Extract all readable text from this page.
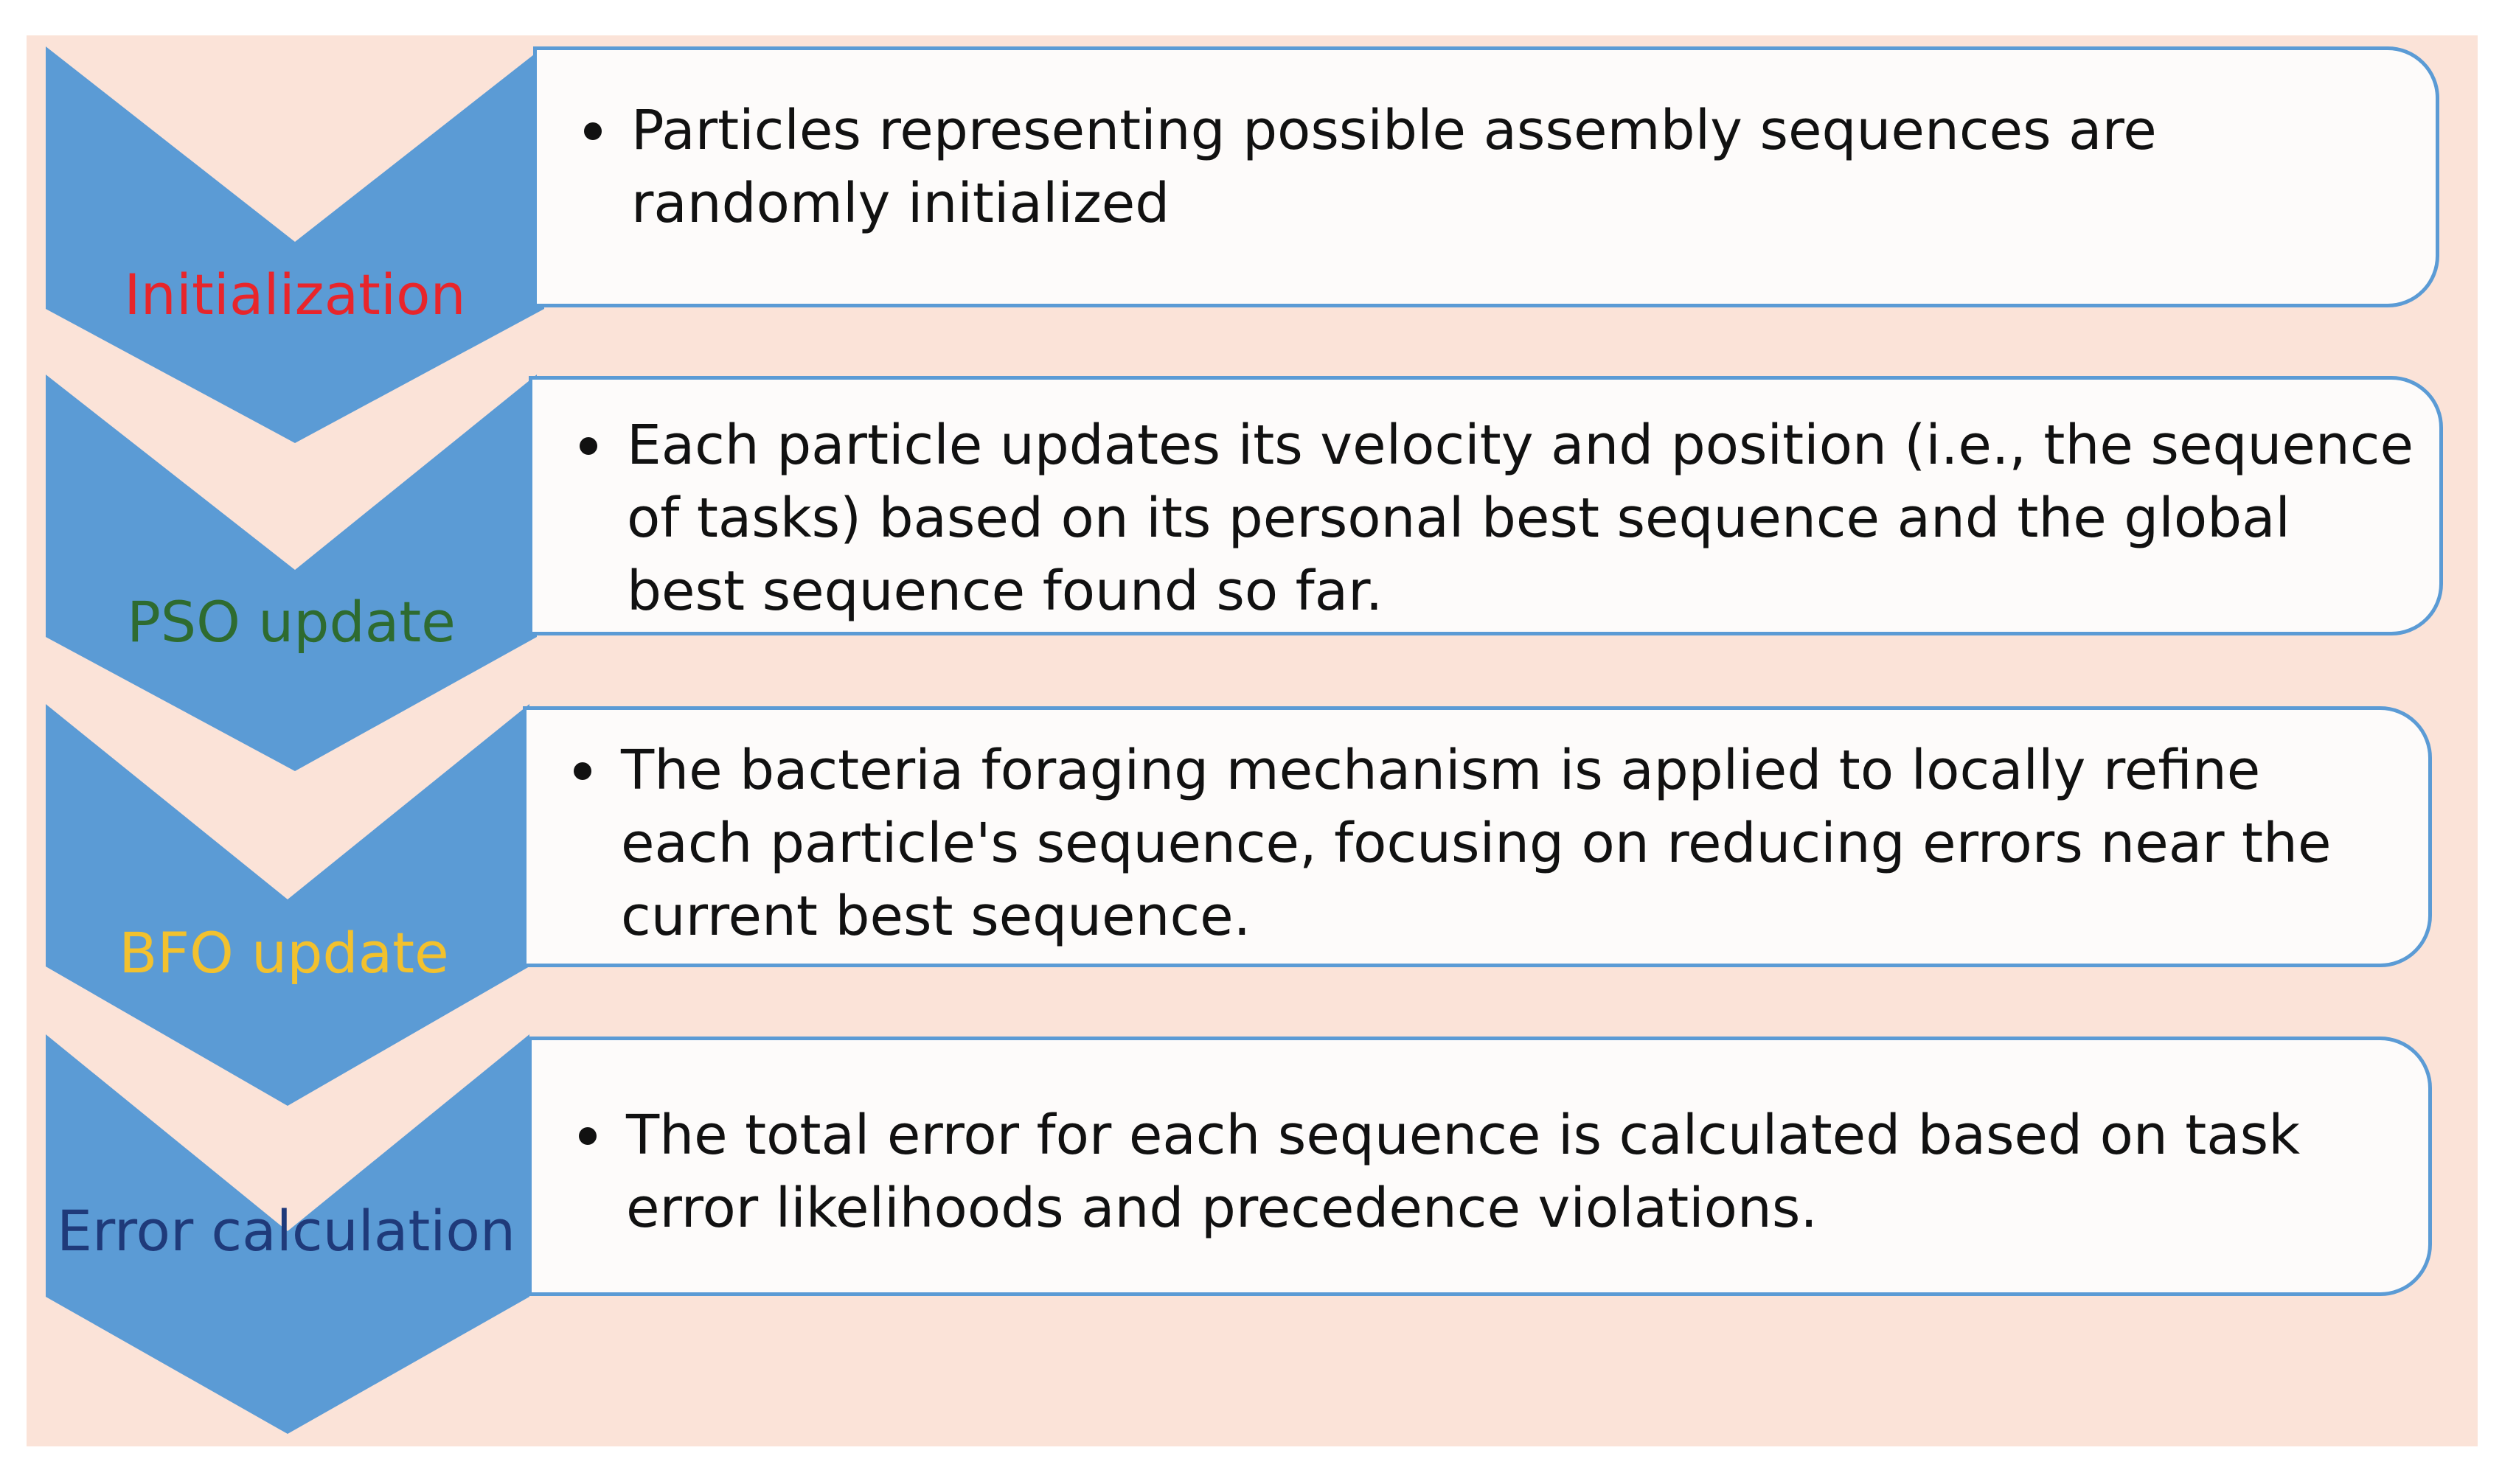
Initialization
PSO update
BFO update
Error calculation
Particles representing possible assembly sequences are randomly initialized
Each particle updates its velocity and position (i.e., the sequence of tasks) based on its personal best sequence and the global best sequence found so far.
The bacteria foraging mechanism is applied to locally refine each particle's sequence, focusing on reducing errors near the current best sequence.
The total error for each sequence is calculated based on task error likelihoods and precedence violations.
